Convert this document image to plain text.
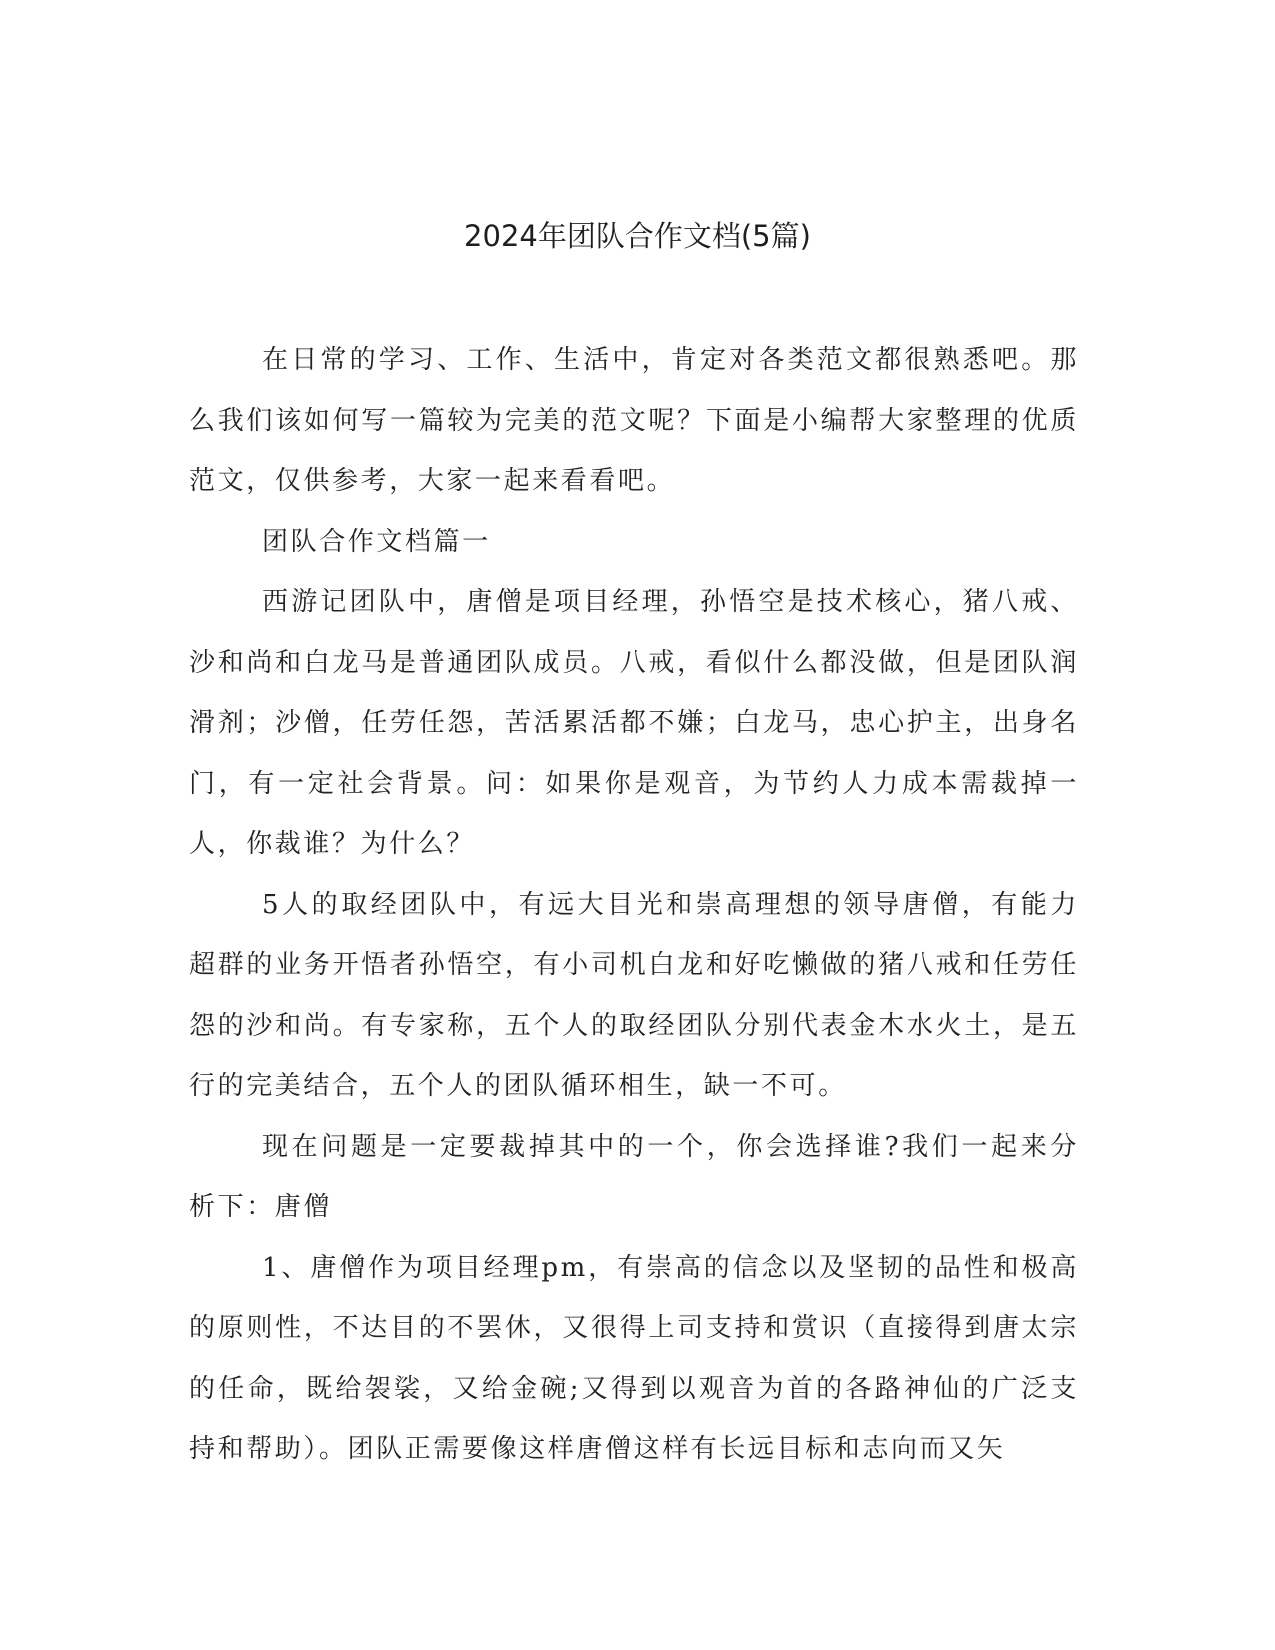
2024年团队合作文档(5篇)

在日常的学习、工作、生活中，肯定对各类范文都很熟悉吧。那么我们该如何写一篇较为完美的范文呢？下面是小编帮大家整理的优质范文，仅供参考，大家一起来看看吧。

团队合作文档篇一

西游记团队中，唐僧是项目经理，孙悟空是技术核心，猪八戒、沙和尚和白龙马是普通团队成员。八戒，看似什么都没做，但是团队润滑剂；沙僧，任劳任怨，苦活累活都不嫌；白龙马，忠心护主，出身名门，有一定社会背景。问：如果你是观音，为节约人力成本需裁掉一人，你裁谁？为什么？

5人的取经团队中，有远大目光和崇高理想的领导唐僧，有能力超群的业务开悟者孙悟空，有小司机白龙和好吃懒做的猪八戒和任劳任怨的沙和尚。有专家称，五个人的取经团队分别代表金木水火土，是五行的完美结合，五个人的团队循环相生，缺一不可。

现在问题是一定要裁掉其中的一个，你会选择谁?我们一起来分析下：唐僧

1、唐僧作为项目经理pm，有崇高的信念以及坚韧的品性和极高的原则性，不达目的不罢休，又很得上司支持和赏识（直接得到唐太宗的任命，既给袈裟，又给金碗;又得到以观音为首的各路神仙的广泛支持和帮助）。团队正需要像这样唐僧这样有长远目标和志向而又矢
